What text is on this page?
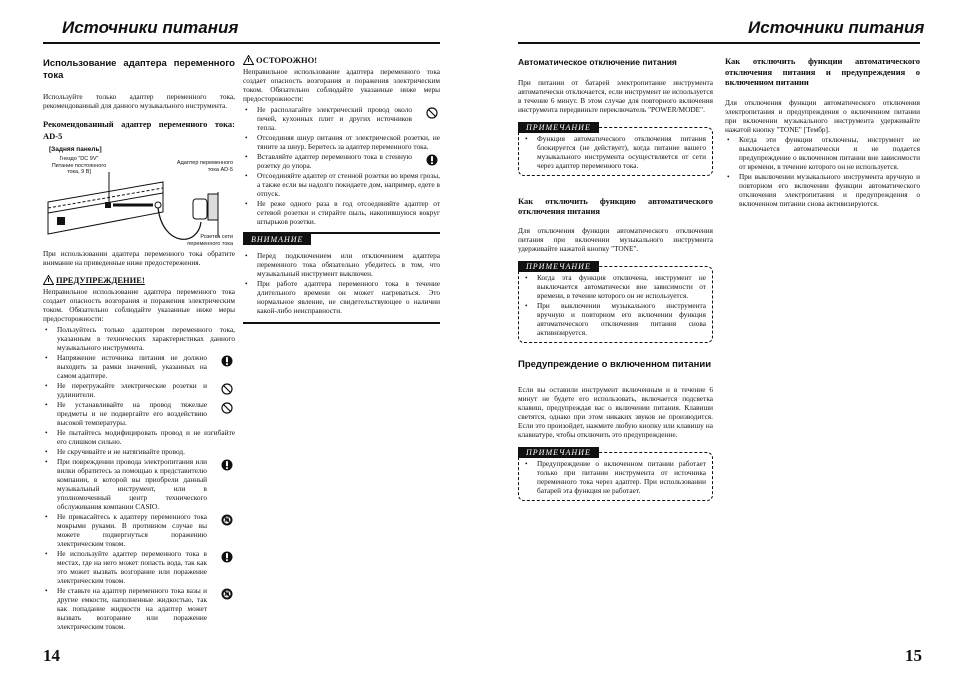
Источники питания	Источники питания
Использование адаптера переменного тока

Используйте только адаптер переменного тока, рекомендованный для данного музыкального инструмента.

Рекомендованный адаптер переменного тока: AD-5
[Задняя панель]
Гнездо "DC 9V" Питание постоянного тока, 9 В]
Адаптер переменного тока AD-5
Розетка сети переменного тока

При использовании адаптера переменного тока обратите внимание на приведенные ниже предостережения.

ПРЕДУПРЕЖДЕНИЕ!

Неправильное использование адаптера переменного тока создает опасность возгорания и поражения электрическим током. Обязательно соблюдайте указанные ниже меры предосторожности:

• Пользуйтесь только адаптером переменного тока, указанным в технических характеристиках данного музыкального инструмента.
• Напряжение источника питания не должно выходить за рамки значений, указанных на самом адаптере.
• Не перегружайте электрические розетки и удлинители.
• Не устанавливайте на провод тяжелые предметы и не подвергайте его воздействию высокой температуры.
• Не пытайтесь модифицировать провод и не изгибайте его слишком сильно.
• Не скручивайте и не натягивайте провод.
• При повреждении провода электропитания или вилки обратитесь за помощью к представителю компании, в которой вы приобрели данный музыкальный инструмент, или в уполномоченный центр технического обслуживания компании CASIO.
• Не прикасайтесь к адаптеру переменного тока мокрыми руками. В противном случае вы можете подвергнуться поражению электрическим током.
• Не используйте адаптер переменного тока в местах, где на него может попасть вода, так как это может вызвать возгорание или поражение электрическим током.
• Не ставьте на адаптер переменного тока вазы и другие емкости, наполненные жидкостью, так как попадание жидкости на адаптер может вызвать возгорание или поражение электрическим током.
ОСТОРОЖНО!

Неправильное использование адаптера переменного тока создает опасность возгорания и поражения электрическим током. Обязательно соблюдайте указанные ниже меры предосторожности:

• Не располагайте электрический провод около печей, кухонных плит и других источников тепла.
• Отсоединяя шнур питания от электрической розетки, не тяните за шнур. Беритесь за адаптер переменного тока.
• Вставляйте адаптер переменного тока в стенную розетку до упора.
• Отсоединяйте адаптер от стенной розетки во время грозы, а также если вы надолго покидаете дом, например, едете в отпуск.
• Не реже одного раза в год отсоединяйте адаптер от сетевой розетки и стирайте пыль, накопившуюся вокруг штырьков розетки.
ВНИМАНИЕ
• Перед подключением или отключением адаптера переменного тока обязательно убедитесь в том, что музыкальный инструмент выключен.
• При работе адаптера переменного тока в течение длительного времени он может нагреваться. Это нормальное явление, не свидетельствующее о наличии какой-либо неисправности.
14
Автоматическое отключение питания

При питании от батарей электропитание инструмента автоматически отключается, если инструмент не используется в течение 6 минут. В этом случае для повторного включения инструмента передвиньте переключатель "POWER/MODE".

ПРИМЕЧАНИЕ
• Функция автоматического отключения питания блокируется (не действует), когда питание вашего музыкального инструмента осуществляется от сети через адаптер переменного тока.
Как отключить функцию автоматического отключения питания

Для отключения функции автоматического отключения питания при включении музыкального инструмента удерживайте нажатой кнопку "TONE".

ПРИМЕЧАНИЕ
• Когда эта функция отключена, инструмент не выключается автоматически вне зависимости от времени, в течение которого он не используется.
• При выключении музыкального инструмента вручную и повторном его включении функция автоматического отключения питания снова активизируется.
Предупреждение о включенном питании

Если вы оставили инструмент включенным и в течение 6 минут не будете его использовать, включается подсветка клавиш, предупреждая вас о включении питания. Клавиши светятся, однако при этом никаких звуков не производится. Если это произойдет, нажмите любую кнопку или клавишу на клавиатуре, чтобы отключить это предупреждение.

ПРИМЕЧАНИЕ
• Предупреждение о включенном питании работает только при питании инструмента от источника переменного тока через адаптер. При использовании батарей эта функция не работает.
Как отключить функции автоматического отключения питания и предупреждения о включенном питании

Для отключения функции автоматического отключения электропитания и предупреждения о включенном питании при включении музыкального инструмента удерживайте нажатой кнопку "TONE" [Тембр].

• Когда эти функции отключены, инструмент не выключается автоматически и не подается предупреждение о включенном питании вне зависимости от времени, в течение которого он не используется.
• При выключении музыкального инструмента вручную и повторном его включении функции автоматического отключения электропитания и предупреждения о включенном питании снова активизируются.
15
